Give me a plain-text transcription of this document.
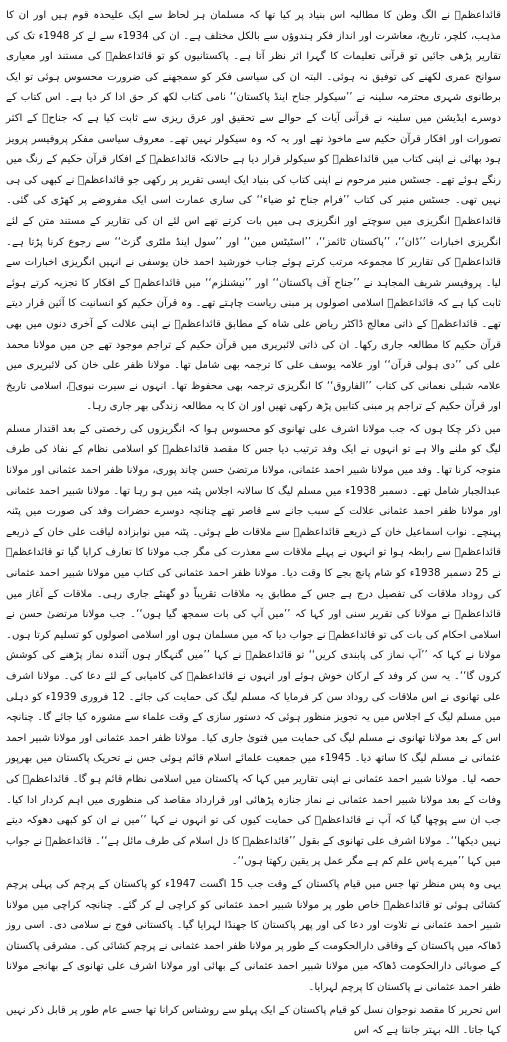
قائداعظمؒ نے الگ وطن کا مطالبہ اس بنیاد پر کیا تھا کہ مسلمان ہر لحاظ سے ایک علیحدہ قوم ہیں اور ان کا مذہب، کلچر، تاریخ، معاشرت اور انداز فکر ہندوؤں سے بالکل مختلف ہے۔ ان کی 1934ء سے لے کر 1948ء تک کی تقاریر پڑھی جائیں تو قرآنی تعلیمات کا گہرا اثر نظر آتا ہے۔ پاکستانیوں کو تو قائداعظمؒ کی مستند اور معیاری سوانح عمری لکھنے کی توفیق نہ ہوئی۔ البتہ ان کی سیاسی فکر کو سمجھنے کی ضرورت محسوس ہوئی تو ایک برطانوی شہری محترمہ سلینہ نے ’’سیکولر جناح اینڈ پاکستان‘‘ نامی کتاب لکھ کر حق ادا کر دیا ہے۔ اس کتاب کے دوسرے ایڈیشن میں سلینہ نے قرآنی آیات کے حوالے سے تحقیق اور عرق ریزی سے ثابت کیا ہے کہ جناحؒ کے اکثر تصورات اور افکار قرآن حکیم سے ماخوذ تھے اور یہ کہ وہ سیکولر نہیں تھے۔ معروف سیاسی مفکر پروفیسر پرویز ہود بھائی نے اپنی کتاب میں قائداعظمؒ کو سیکولر قرار دیا ہے حالانکہ قائداعظمؒ کے افکار قرآن حکیم کے رنگ میں رنگے ہوئے تھے۔ جسٹس منیر مرحوم نے اپنی کتاب کی بنیاد ایک ایسی تقریر پر رکھی جو قائداعظمؒ نے کبھی کی ہی نہیں تھی۔ جسٹس منیر کی کتاب ’’فرام جناح ٹو ضیاء‘‘ کی ساری عمارت اسی ایک مفروضے پر کھڑی کی گئی۔ قائداعظمؒ انگریزی میں سوچتے اور انگریزی ہی میں بات کرتے تھے اس لئے ان کی تقاریر کے مستند متن کے لئے انگریزی اخبارات ’’ڈان‘‘، ’’پاکستان ٹائمز‘‘، ’’اسٹیٹس مین‘‘ اور ’’سول اینڈ ملٹری گزٹ‘‘ سے رجوع کرنا پڑتا ہے۔ قائداعظمؒ کی تقاریر کا مجموعہ مرتب کرتے ہوئے جناب خورشید احمد خان یوسفی نے انہیں انگریزی اخبارات سے لیا۔ پروفیسر شریف المجاہد نے ’’جناح آف پاکستان‘‘ اور ’’نیشنلزم‘‘ میں قائداعظمؒ کے افکار کا تجزیہ کرتے ہوئے ثابت کیا ہے کہ قائداعظمؒ اسلامی اصولوں پر مبنی ریاست چاہتے تھے۔ وہ قرآن حکیم کو انسانیت کا آئین قرار دیتے تھے۔ قائداعظمؒ کے ذاتی معالج ڈاکٹر ریاض علی شاہ کے مطابق قائداعظمؒ نے اپنی علالت کے آخری دنوں میں بھی قرآن حکیم کا مطالعہ جاری رکھا۔ ان کی ذاتی لائبریری میں قرآن حکیم کے تراجم موجود تھے جن میں مولانا محمد علی کی ’’دی ہولی قرآن‘‘ اور علامہ یوسف علی کا ترجمہ بھی شامل تھا۔ مولانا ظفر علی خان کی لائبریری میں علامہ شبلی نعمانی کی کتاب ’’الفاروق‘‘ کا انگریزی ترجمہ بھی محفوظ تھا۔ انہوں نے سیرت نبویؐ، اسلامی تاریخ اور قرآن حکیم کے تراجم پر مبنی کتابیں پڑھ رکھی تھیں اور ان کا یہ مطالعہ زندگی بھر جاری رہا۔

میں ذکر چکا ہوں کہ جب مولانا اشرف علی تھانوی کو محسوس ہوا کہ انگریزوں کی رخصتی کے بعد اقتدار مسلم لیگ کو ملنے والا ہے تو انہوں نے ایک وفد ترتیب دیا جس کا مقصد قائداعظمؒ کو اسلامی نظام کے نفاذ کی طرف متوجہ کرنا تھا۔ وفد میں مولانا شبیر احمد عثمانی، مولانا مرتضیٰ حسن چاند پوری، مولانا ظفر احمد عثمانی اور مولانا عبدالجبار شامل تھے۔ دسمبر 1938ء میں مسلم لیگ کا سالانہ اجلاس پٹنہ میں ہو رہا تھا۔ مولانا شبیر احمد عثمانی اور مولانا ظفر احمد عثمانی علالت کے سبب جانے سے قاصر تھے چنانچہ دوسرے حضرات وفد کی صورت میں پٹنہ پہنچے۔ نواب اسماعیل خان کے ذریعے قائداعظمؒ سے ملاقات طے ہوئی۔ پٹنہ میں نوابزادہ لیاقت علی خان کے ذریعے قائداعظمؒ سے رابطہ ہوا تو انہوں نے پہلے ملاقات سے معذرت کی مگر جب مولانا کا تعارف کرایا گیا تو قائداعظمؒ نے 25 دسمبر 1938ء کو شام پانچ بجے کا وقت دیا۔ مولانا ظفر احمد عثمانی کی کتاب میں مولانا شبیر احمد عثمانی کی روداد ملاقات کی تفصیل درج ہے جس کے مطابق یہ ملاقات تقریباً دو گھنٹے جاری رہی۔ ملاقات کے آغاز میں قائداعظمؒ نے مولانا کی تقریر سنی اور کہا کہ ’’میں آپ کی بات سمجھ گیا ہوں‘‘۔ جب مولانا مرتضیٰ حسن نے اسلامی احکام کی بات کی تو قائداعظمؒ نے جواب دیا کہ میں مسلمان ہوں اور اسلامی اصولوں کو تسلیم کرتا ہوں۔ مولانا نے کہا کہ ’’آپ نماز کی پابندی کریں‘‘ تو قائداعظمؒ نے کہا ’’میں گنہگار ہوں آئندہ نماز پڑھنے کی کوشش کروں گا‘‘۔ یہ سن کر وفد کے ارکان خوش ہوئے اور انہوں نے قائداعظمؒ کی کامیابی کے لئے دعا کی۔ مولانا اشرف علی تھانوی نے اس ملاقات کی روداد سن کر فرمایا کہ مسلم لیگ کی حمایت کی جائے۔ 12 فروری 1939ء کو دہلی میں مسلم لیگ کے اجلاس میں یہ تجویز منظور ہوئی کہ دستور سازی کے وقت علماء سے مشورہ کیا جائے گا۔ چنانچہ اس کے بعد مولانا تھانوی نے مسلم لیگ کی حمایت میں فتویٰ جاری کیا۔ مولانا ظفر احمد عثمانی اور مولانا شبیر احمد عثمانی نے مسلم لیگ کا ساتھ دیا۔ 1945ء میں جمعیت علمائے اسلام قائم ہوئی جس نے تحریک پاکستان میں بھرپور حصہ لیا۔ مولانا شبیر احمد عثمانی نے اپنی تقاریر میں کہا کہ پاکستان میں اسلامی نظام قائم ہو گا۔ قائداعظمؒ کی وفات کے بعد مولانا شبیر احمد عثمانی نے نماز جنازہ پڑھائی اور قرارداد مقاصد کی منظوری میں اہم کردار ادا کیا۔ جب ان سے پوچھا گیا کہ آپ نے قائداعظمؒ کی حمایت کیوں کی تو انہوں نے کہا ’’میں نے ان کو کبھی دھوکہ دیتے نہیں دیکھا‘‘۔ مولانا اشرف علی تھانوی کے بقول ’’قائداعظمؒ کا دل اسلام کی طرف مائل ہے‘‘۔ قائداعظمؒ نے جواب میں کہا ’’میرے پاس علم کم ہے مگر عمل پر یقین رکھتا ہوں‘‘۔

یہی وہ پس منظر تھا جس میں قیام پاکستان کے وقت جب 15 اگست 1947ء کو پاکستان کے پرچم کی پہلی پرچم کشائی ہوئی تو قائداعظمؒ خاص طور پر مولانا شبیر احمد عثمانی کو کراچی لے کر گئے۔ چنانچہ کراچی میں مولانا شبیر احمد عثمانی نے تلاوت اور دعا کی اور پھر پاکستان کا جھنڈا لہرایا گیا۔ پاکستانی فوج نے سلامی دی۔ اسی روز ڈھاکہ میں پاکستان کے وفاقی دارالحکومت کے طور پر مولانا ظفر احمد عثمانی نے پرچم کشائی کی۔ مشرقی پاکستان کے صوبائی دارالحکومت ڈھاکہ میں مولانا شبیر احمد عثمانی کے بھائی اور مولانا اشرف علی تھانوی کے بھانجے مولانا ظفر احمد عثمانی نے پاکستان کا پرچم لہرایا۔

اس تحریر کا مقصد نوجوان نسل کو قیام پاکستان کے ایک پہلو سے روشناس کرانا تھا جسے عام طور پر قابل ذکر نہیں کہا جاتا۔ اللہ بہتر جانتا ہے کہ اس
